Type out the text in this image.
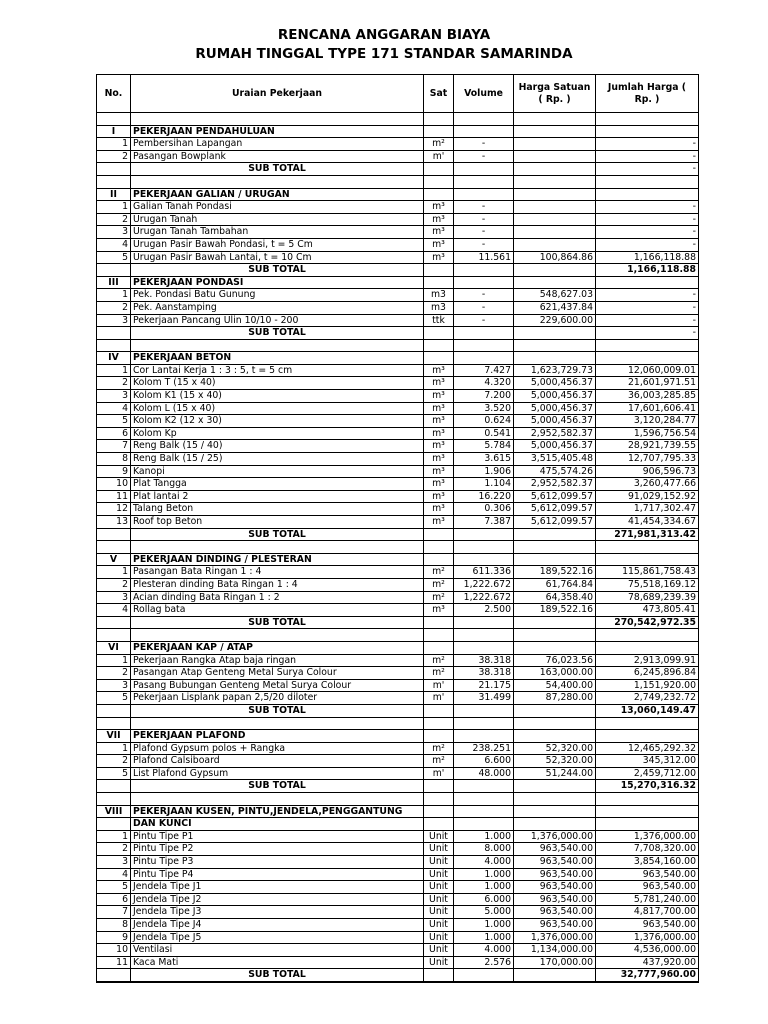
RENCANA ANGGARAN BIAYA
RUMAH TINGGAL TYPE 171 STANDAR SAMARINDA
No.	Uraian Pekerjaan	Sat	Volume	Harga Satuan ( Rp. )	Jumlah Harga ( Rp. )

I	PEKERJAAN PENDAHULUAN				
1	Pembersihan Lapangan	m²	-		-
2	Pasangan Bowplank	m'	-		-
	SUB TOTAL				-

II	PEKERJAAN GALIAN / URUGAN				
1	Galian Tanah Pondasi	m³	-		-
2	Urugan Tanah	m³	-		-
3	Urugan Tanah Tambahan	m³	-		-
4	Urugan Pasir Bawah Pondasi, t = 5 Cm	m³	-		-
5	Urugan Pasir Bawah Lantai, t = 10 Cm	m³	11.561	100,864.86	1,166,118.88
	SUB TOTAL				1,166,118.88
III	PEKERJAAN PONDASI				
1	Pek. Pondasi Batu Gunung	m3	-	548,627.03	-
2	Pek. Aanstamping	m3	-	621,437.84	-
3	Pekerjaan Pancang Ulin 10/10 - 200	ttk	-	229,600.00	-
	SUB TOTAL				-

IV	PEKERJAAN BETON				
1	Cor Lantai Kerja 1 : 3 : 5, t = 5 cm	m³	7.427	1,623,729.73	12,060,009.01
2	Kolom T (15 x 40)	m³	4.320	5,000,456.37	21,601,971.51
3	Kolom K1 (15 x 40)	m³	7.200	5,000,456.37	36,003,285.85
4	Kolom L (15 x 40)	m³	3.520	5,000,456.37	17,601,606.41
5	Kolom K2 (12 x 30)	m³	0.624	5,000,456.37	3,120,284.77
6	Kolom Kp	m³	0.541	2,952,582.37	1,596,756.54
7	Reng Balk (15 / 40)	m³	5.784	5,000,456.37	28,921,739.55
8	Reng Balk (15 / 25)	m³	3.615	3,515,405.48	12,707,795.33
9	Kanopi	m³	1.906	475,574.26	906,596.73
10	Plat Tangga	m³	1.104	2,952,582.37	3,260,477.66
11	Plat lantai 2	m³	16.220	5,612,099.57	91,029,152.92
12	Talang Beton	m³	0.306	5,612,099.57	1,717,302.47
13	Roof top Beton	m³	7.387	5,612,099.57	41,454,334.67
	SUB TOTAL				271,981,313.42

V	PEKERJAAN DINDING / PLESTERAN				
1	Pasangan Bata Ringan 1 : 4	m²	611.336	189,522.16	115,861,758.43
2	Plesteran dinding Bata Ringan 1 : 4	m²	1,222.672	61,764.84	75,518,169.12
3	Acian dinding Bata Ringan 1 : 2	m²	1,222.672	64,358.40	78,689,239.39
4	Rollag bata	m³	2.500	189,522.16	473,805.41
	SUB TOTAL				270,542,972.35

VI	PEKERJAAN KAP / ATAP				
1	Pekerjaan Rangka Atap baja ringan	m²	38.318	76,023.56	2,913,099.91
2	Pasangan Atap Genteng Metal Surya Colour	m²	38.318	163,000.00	6,245,896.84
3	Pasang Bubungan Genteng Metal Surya Colour	m'	21.175	54,400.00	1,151,920.00
5	Pekerjaan Lisplank papan 2,5/20 diloter	m'	31.499	87,280.00	2,749,232.72
	SUB TOTAL				13,060,149.47

VII	PEKERJAAN PLAFOND				
1	Plafond Gypsum polos + Rangka	m²	238.251	52,320.00	12,465,292.32
2	Plafond Calsiboard	m²	6.600	52,320.00	345,312.00
5	List Plafond Gypsum	m'	48.000	51,244.00	2,459,712.00
	SUB TOTAL				15,270,316.32

VIII	PEKERJAAN KUSEN, PINTU,JENDELA,PENGGANTUNG				
	DAN KUNCI				
1	Pintu Tipe P1	Unit	1.000	1,376,000.00	1,376,000.00
2	Pintu Tipe P2	Unit	8.000	963,540.00	7,708,320.00
3	Pintu Tipe P3	Unit	4.000	963,540.00	3,854,160.00
4	Pintu Tipe P4	Unit	1.000	963,540.00	963,540.00
5	Jendela Tipe J1	Unit	1.000	963,540.00	963,540.00
6	Jendela Tipe J2	Unit	6.000	963,540.00	5,781,240.00
7	Jendela Tipe J3	Unit	5.000	963,540.00	4,817,700.00
8	Jendela Tipe J4	Unit	1.000	963,540.00	963,540.00
9	Jendela Tipe J5	Unit	1.000	1,376,000.00	1,376,000.00
10	Ventilasi	Unit	4.000	1,134,000.00	4,536,000.00
11	Kaca Mati	Unit	2.576	170,000.00	437,920.00
	SUB TOTAL				32,777,960.00
